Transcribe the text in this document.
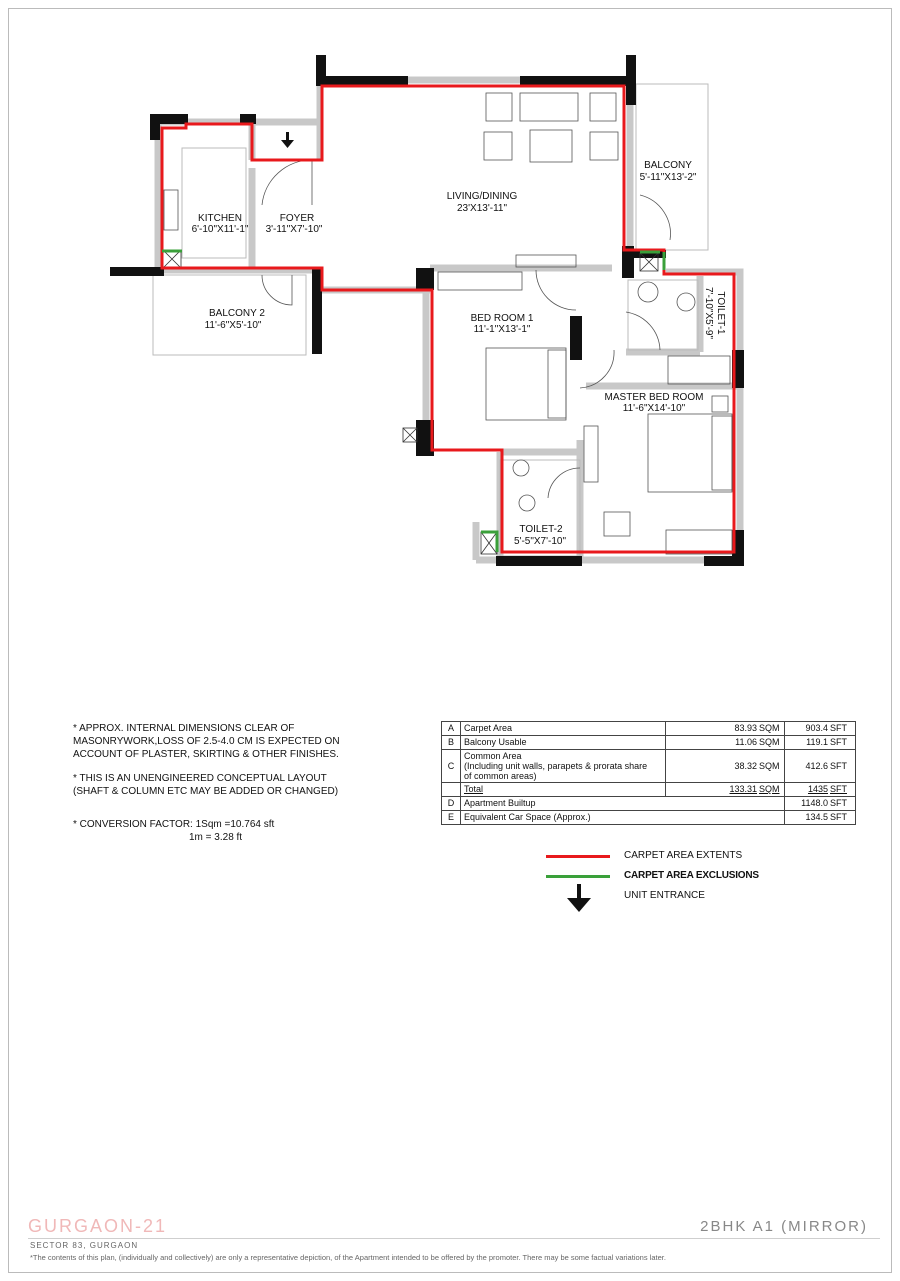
LIVING/DINING
23'X13'-11"
BALCONY
5'-11"X13'-2"
KITCHEN
6'-10"X11'-1"
FOYER
3'-11"X7'-10"
BALCONY 2
11'-6"X5'-10"
BED ROOM 1
11'-1"X13'-1"
MASTER BED ROOM
11'-6"X14'-10"
TOILET-1
7'-10"X5'-9"
TOILET-2
5'-5"X7'-10"

* APPROX. INTERNAL DIMENSIONS CLEAR OF
MASONRYWORK,LOSS OF 2.5-4.0 CM IS EXPECTED ON
ACCOUNT OF PLASTER, SKIRTING & OTHER FINISHES.

* THIS IS AN UNENGINEERED CONCEPTUAL LAYOUT
(SHAFT & COLUMN ETC MAY BE ADDED OR CHANGED)

* CONVERSION FACTOR: 1Sqm =10.764 sft

1m = 3.28 ft

A	Carpet Area	83.93	SQM	903.4	SFT
B	Balcony Usable	11.06	SQM	119.1	SFT
C	Common Area
(Including unit walls, parapets & prorata share
of common areas)	38.32	SQM	412.6	SFT
	Total	133.31	SQM	1435	SFT
D	Apartment Builtup			1148.0	SFT
E	Equivalent Car Space (Approx.)			134.5	SFT
CARPET AREA EXTENTS
CARPET AREA EXCLUSIONS
UNIT ENTRANCE
GURGAON-21	2BHK A1 (MIRROR)
SECTOR 83, GURGAON
*The contents of this plan, (individually and collectively) are only a representative depiction, of the Apartment intended to be offered by the promoter. There may be some factual variations later.
